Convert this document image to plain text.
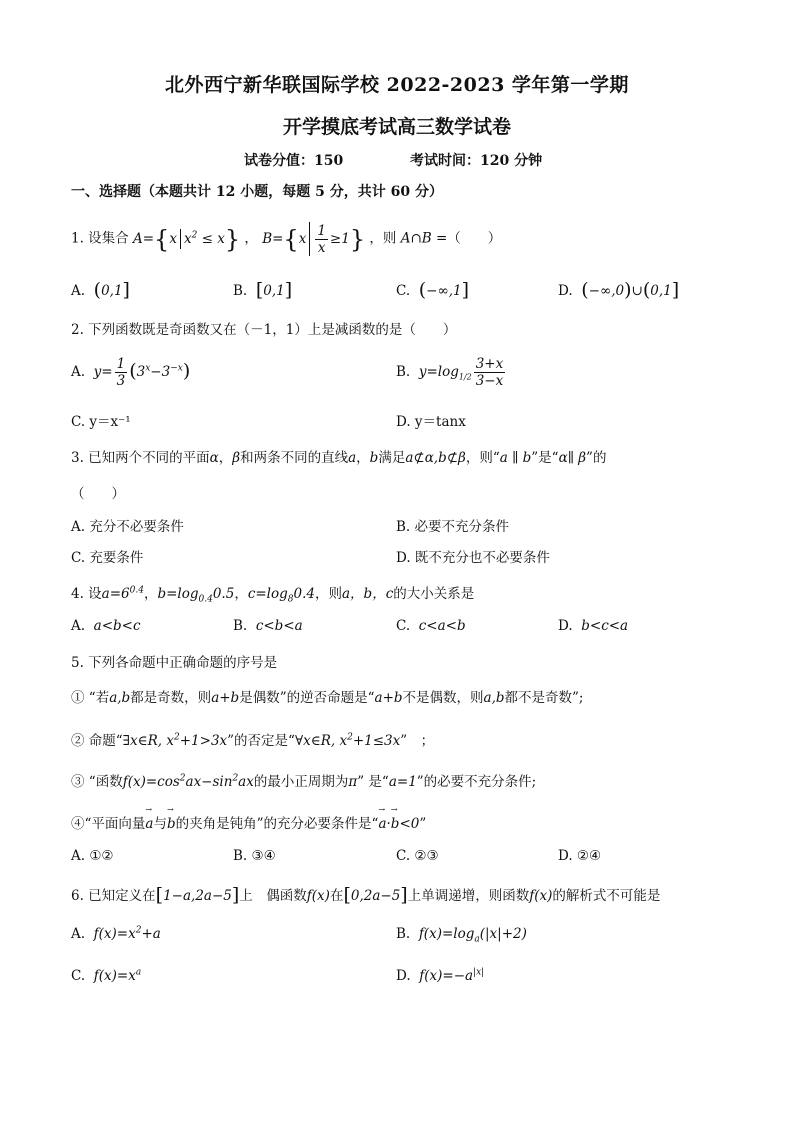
北外西宁新华联国际学校 2022-2023 学年第一学期
开学摸底考试高三数学试卷
试卷分值：150	考试时间：120 分钟
一、选择题（本题共计 12 小题，每题 5 分，共计 60 分）
1. 设集合 A={x $x^2 \le x$} ， $B=\{x \frac{1}{x} \ge 1\}$ ，则 A∩B =（　　）
A. (0,1]	B. [0,1]	C. (−∞,1]	D. (−∞,0)∪(0,1]
2. 下列函数既是奇函数又在（－1，1）上是减函数的是（　　）
A. $y= \frac{1}{3} (3^x-3^{-x})$	B. $y=\log_{1/2} \frac{3+x}{3-x}$
C. y＝x⁻¹	D. y＝tanx
3. 已知两个不同的平面α，β和两条不同的直线a，b满足a⊄α,b⊄β，则“a ∥ b”是“α∥ β”的
（　　）
A. 充分不必要条件	B. 必要不充分条件
C. 充要条件	D. 既不充分也不必要条件
4. 设$a=6^{0.4}$，$b=\log_{0.4}0.5$，$c=\log_80.4$，则a，b，c的大小关系是
A. a<b<c	B. c<b<a	C. c<a<b	D. b<c<a
5. 下列各命题中正确命题的序号是
① “若a,b都是奇数，则a+b是偶数”的逆否命题是“a+b不是偶数，则a,b都不是奇数”;
② 命题“∃x∈R, $x^2+1>3x$”的否定是“∀x∈R, $x^2+1\le 3x$”　；
③ “函数$f(x)=\cos^2ax-\sin^2ax$的最小正周期为π” 是“a=1”的必要不充分条件;
④“平面向量→ a与→ b的夹角是钝角”的充分必要条件是“→ a·→ b<0”
A. ①②	B. ③④	C. ②③	D. ②④
6. 已知定义在[1−a,2a−5]上　偶函数f(x)在[0,2a−5]上单调递增，则函数f(x)的解析式不可能是
A. $f(x)=x^2+a$	B. $f(x)=\log_a(|x|+2)$
C. $f(x)=x^a$	D. $f(x)=-a^{|x|}$
